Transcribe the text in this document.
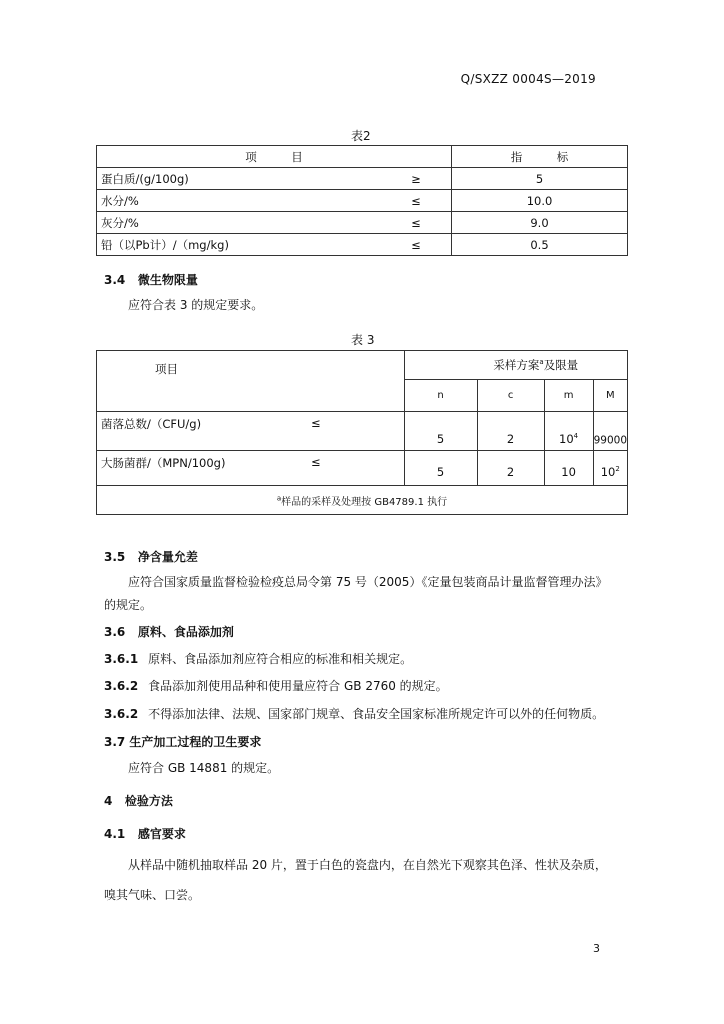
Q/SXZZ 0004S—2019
表2
项　　　目		指　　　标
蛋白质/(g/100g)	≥	5
水分/%	≤	10.0
灰分/%	≤	9.0
铅（以Pb计）/（mg/kg)	≤	0.5
3.4 微生物限量
应符合表 3 的规定要求。
表 3
项目		采样方案$^a$及限量			
		n	c	m	M
菌落总数/（CFU/g)	≤	5	2	$10^4$	99000
大肠菌群/（MPN/100g)	≤	5	2	10	$10^2$
$^a$样品的采样及处理按 GB4789.1 执行					
3.5 净含量允差
应符合国家质量监督检验检疫总局令第 75 号（2005）《定量包装商品计量监督管理办法》
的规定。
3.6 原料、食品添加剂
3.6.1 原料、食品添加剂应符合相应的标准和相关规定。
3.6.2 食品添加剂使用品种和使用量应符合 GB 2760 的规定。
3.6.2 不得添加法律、法规、国家部门规章、食品安全国家标准所规定许可以外的任何物质。
3.7 生产加工过程的卫生要求
应符合 GB 14881 的规定。
4 检验方法
4.1 感官要求
从样品中随机抽取样品 20 片，置于白色的瓷盘内，在自然光下观察其色泽、性状及杂质，
嗅其气味、口尝。
3
